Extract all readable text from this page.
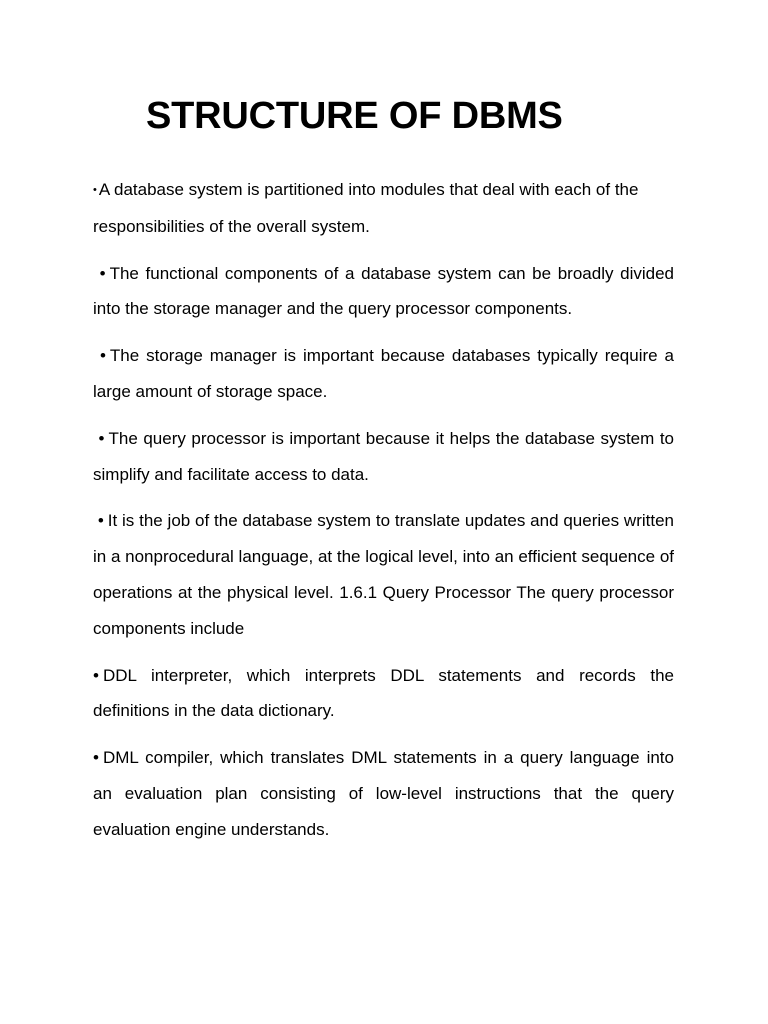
STRUCTURE OF DBMS

• A database system is partitioned into modules that deal with each of the responsibilities of the overall system.

• The functional components of a database system can be broadly divided into the storage manager and the query processor components.

• The storage manager is important because databases typically require a large amount of storage space.

• The query processor is important because it helps the database system to simplify and facilitate access to data.

• It is the job of the database system to translate updates and queries written in a nonprocedural language, at the logical level, into an efficient sequence of operations at the physical level. 1.6.1 Query Processor The query processor components include

• DDL interpreter, which interprets DDL statements and records the definitions in the data dictionary.

• DML compiler, which translates DML statements in a query language into an evaluation plan consisting of low-level instructions that the query evaluation engine understands.
